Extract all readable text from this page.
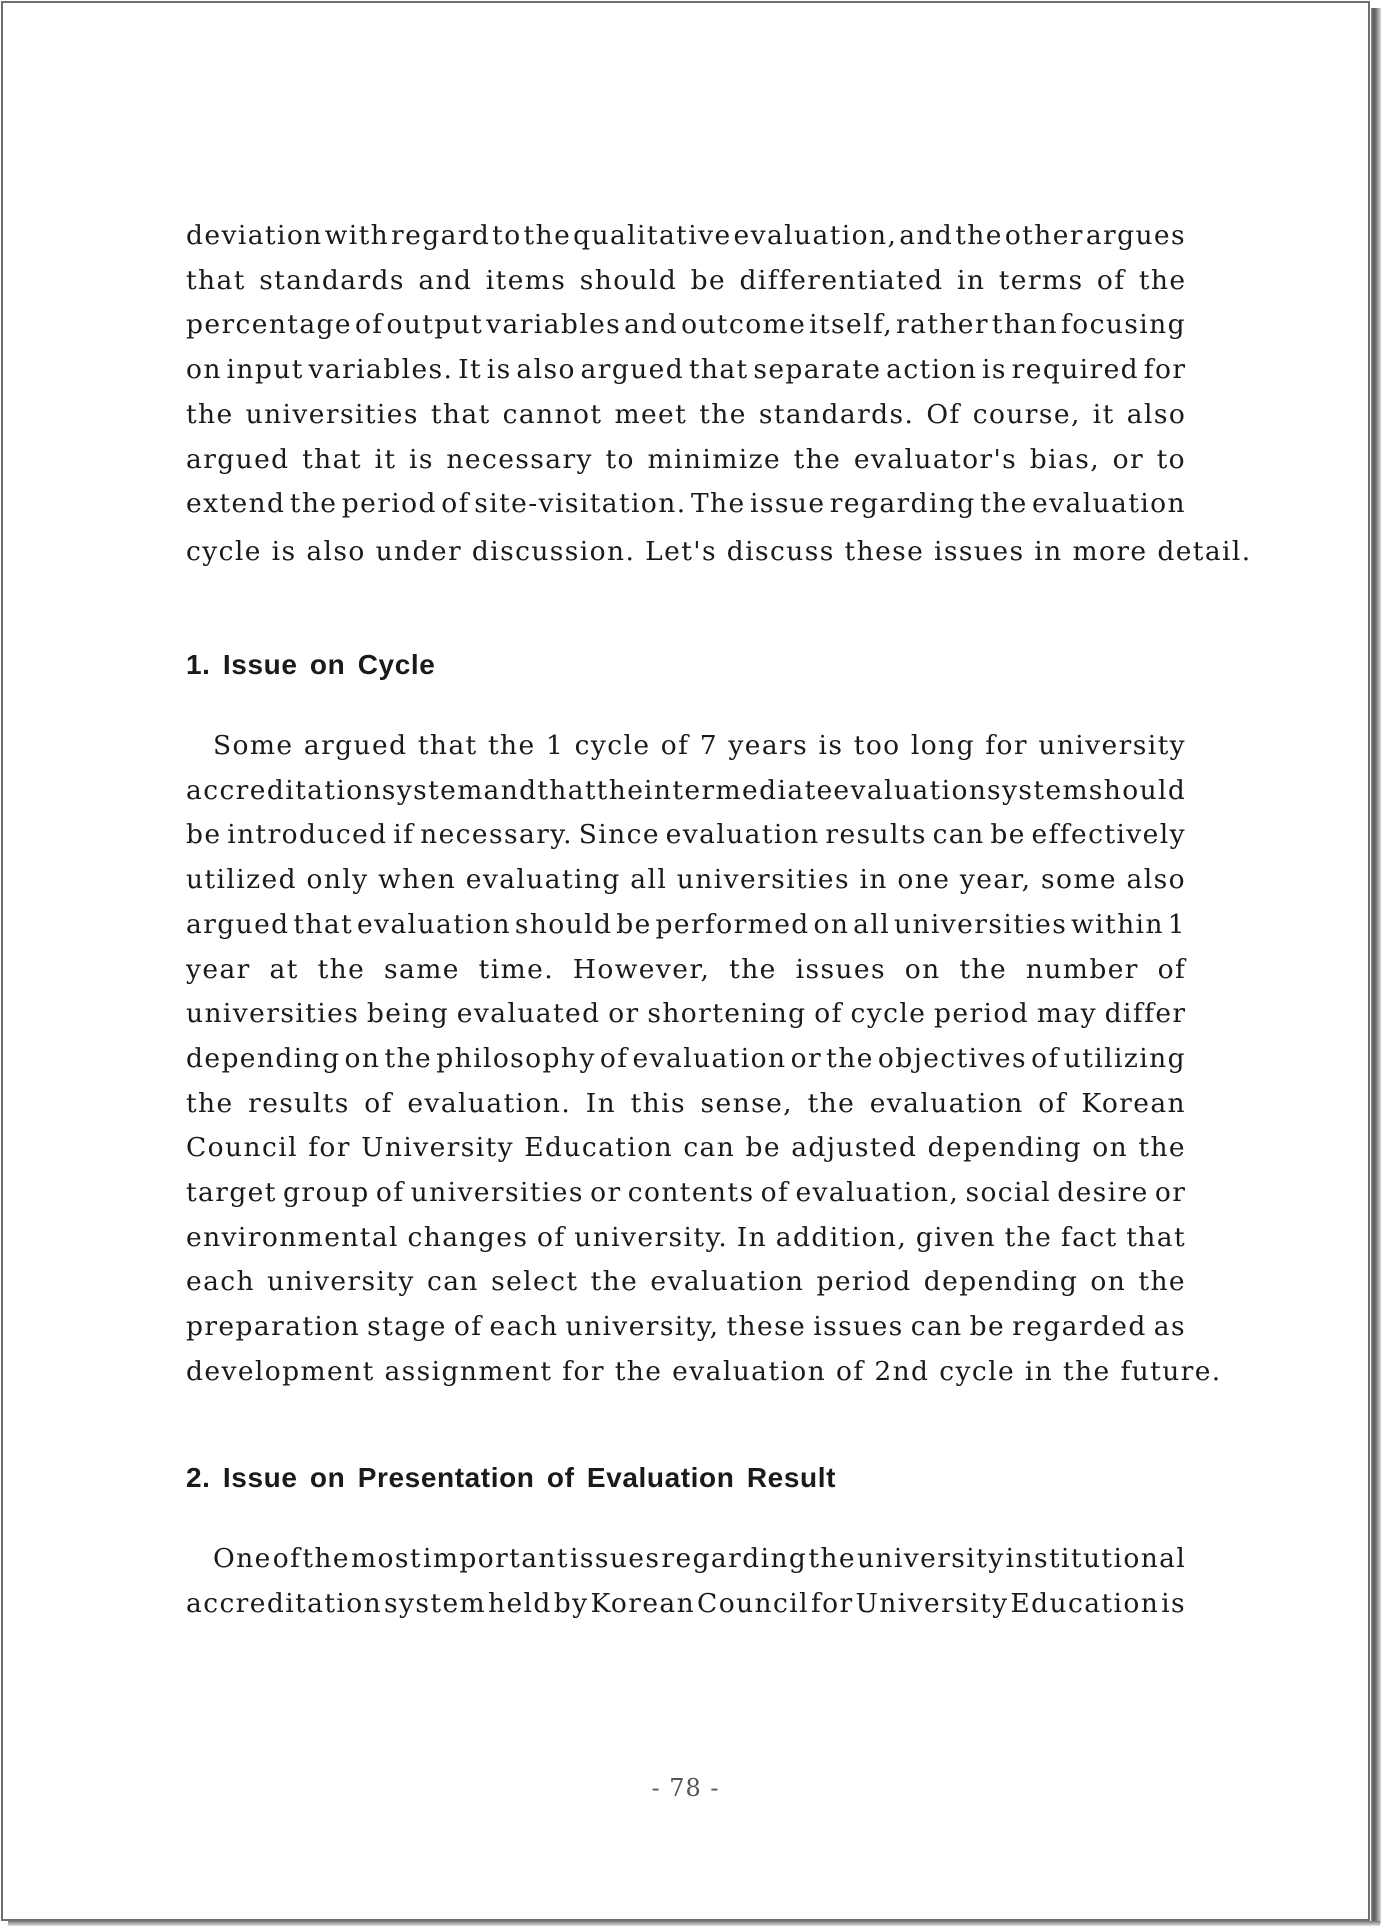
deviation with regard to the qualitative evaluation, and the other argues
that standards and items should be differentiated in terms of the
percentage of output variables and outcome itself, rather than focusing
on input variables. It is also argued that separate action is required for
the universities that cannot meet the standards. Of course, it also
argued that it is necessary to minimize the evaluator's bias, or to
extend the period of site-visitation. The issue regarding the evaluation
cycle is also under discussion. Let's discuss these issues in more detail.
1. Issue on Cycle
Some argued that the 1 cycle of 7 years is too long for university
accreditation system and that the intermediate evaluation system should
be introduced if necessary. Since evaluation results can be effectively
utilized only when evaluating all universities in one year, some also
argued that evaluation should be performed on all universities within 1
year at the same time. However, the issues on the number of
universities being evaluated or shortening of cycle period may differ
depending on the philosophy of evaluation or the objectives of utilizing
the results of evaluation. In this sense, the evaluation of Korean
Council for University Education can be adjusted depending on the
target group of universities or contents of evaluation, social desire or
environmental changes of university. In addition, given the fact that
each university can select the evaluation period depending on the
preparation stage of each university, these issues can be regarded as
development assignment for the evaluation of 2nd cycle in the future.
2. Issue on Presentation of Evaluation Result
One of the most important issues regarding the university institutional
accreditation system held by Korean Council for University Education is
- 78 -
